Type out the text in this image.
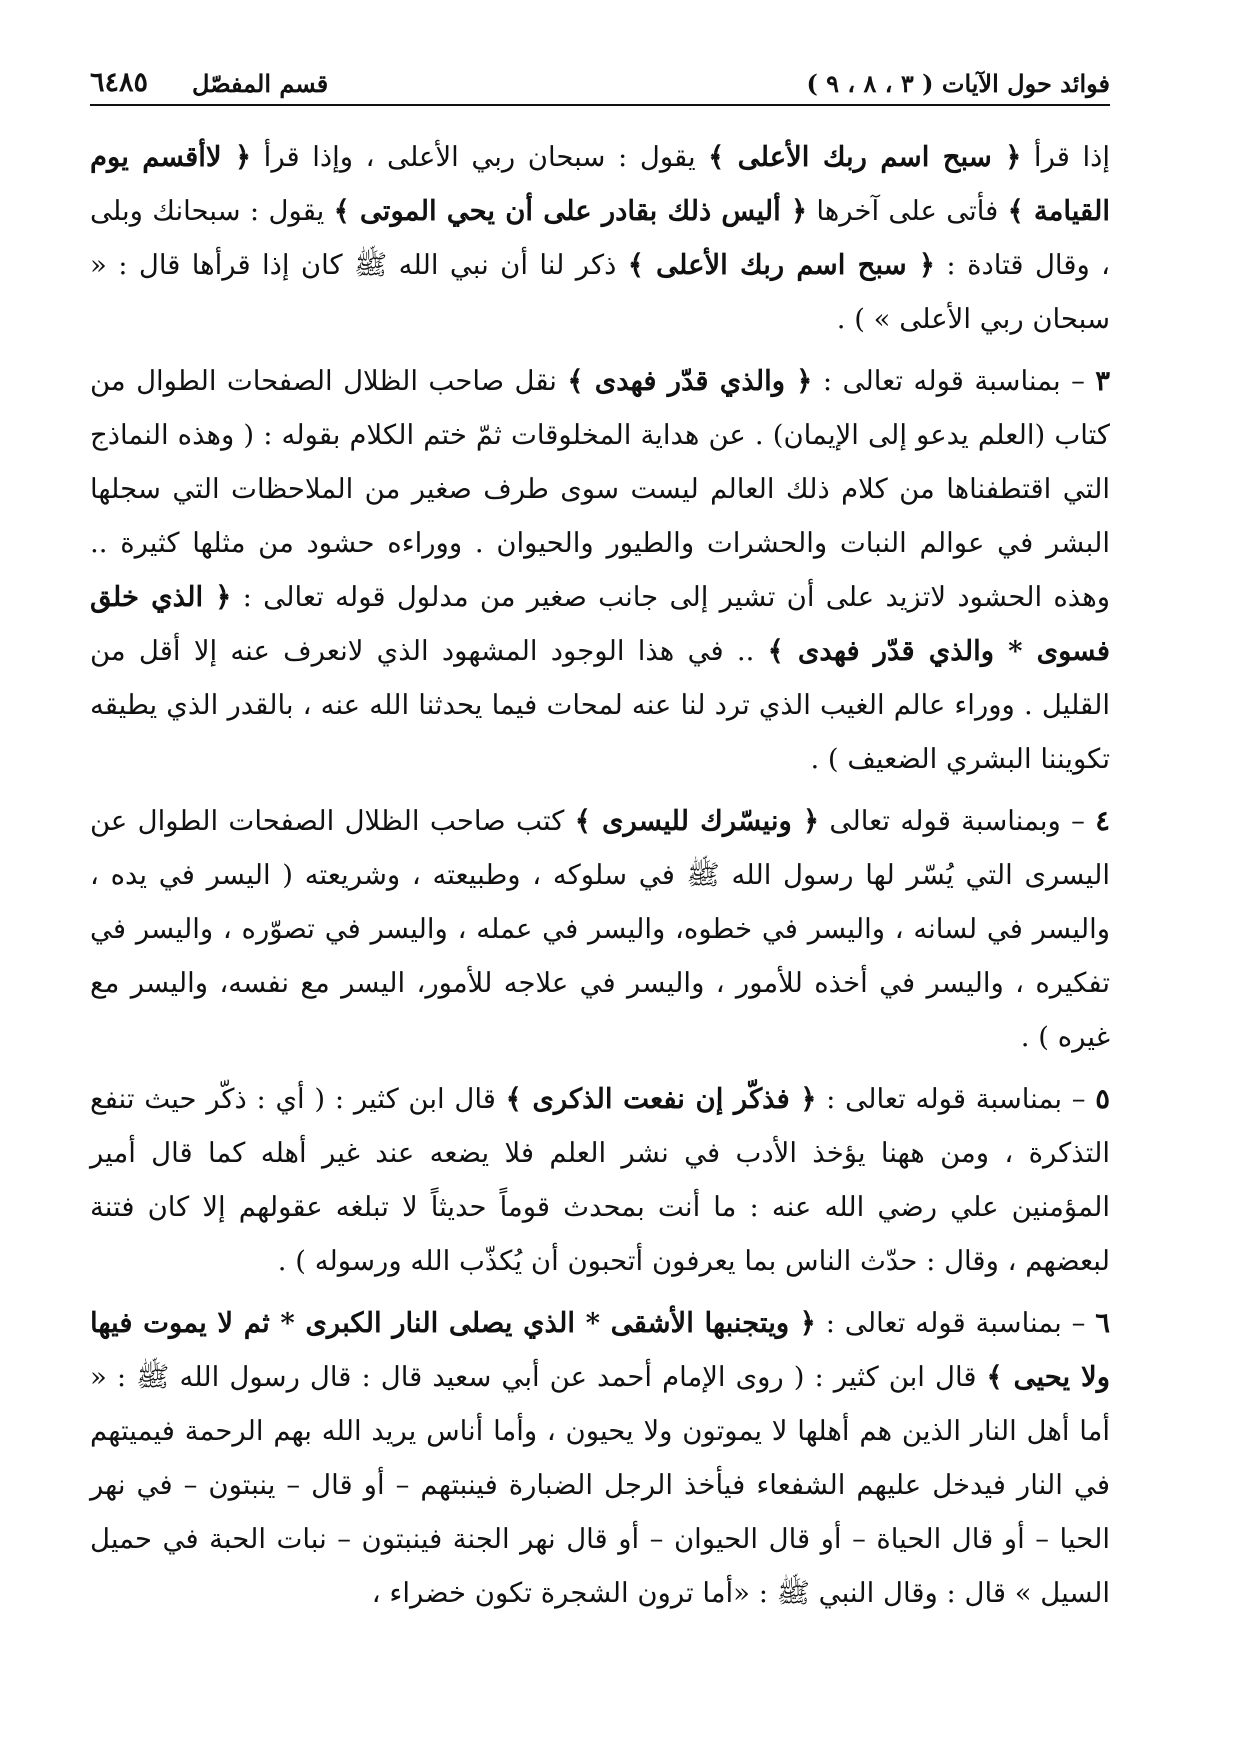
فوائد حول الآيات ( ٣ ، ٨ ، ٩ )
قسم المفصّل
٦٤٨٥

إذا قرأ ﴿ سبح اسم ربك الأعلى ﴾ يقول : سبحان ربي الأعلى ، وإذا قرأ ﴿ لاأقسم يوم القيامة ﴾ فأتى على آخرها ﴿ أليس ذلك بقادر على أن يحي الموتى ﴾ يقول : سبحانك وبلى ، وقال قتادة : ﴿ سبح اسم ربك الأعلى ﴾ ذكر لنا أن نبي الله ﷺ كان إذا قرأها قال : « سبحان ربي الأعلى » ) .

٣ – بمناسبة قوله تعالى : ﴿ والذي قدّر فهدى ﴾ نقل صاحب الظلال الصفحات الطوال من كتاب (العلم يدعو إلى الإيمان) . عن هداية المخلوقات ثمّ ختم الكلام بقوله : ( وهذه النماذج التي اقتطفناها من كلام ذلك العالم ليست سوى طرف صغير من الملاحظات التي سجلها البشر في عوالم النبات والحشرات والطيور والحيوان . ووراءه حشود من مثلها كثيرة .. وهذه الحشود لاتزيد على أن تشير إلى جانب صغير من مدلول قوله تعالى : ﴿ الذي خلق فسوى * والذي قدّر فهدى ﴾ .. في هذا الوجود المشهود الذي لانعرف عنه إلا أقل من القليل . ووراء عالم الغيب الذي ترد لنا عنه لمحات فيما يحدثنا الله عنه ، بالقدر الذي يطيقه تكويننا البشري الضعيف ) .

٤ – وبمناسبة قوله تعالى ﴿ ونيسّرك لليسرى ﴾ كتب صاحب الظلال الصفحات الطوال عن اليسرى التي يُسّر لها رسول الله ﷺ في سلوكه ، وطبيعته ، وشريعته ( اليسر في يده ، واليسر في لسانه ، واليسر في خطوه، واليسر في عمله ، واليسر في تصوّره ، واليسر في تفكيره ، واليسر في أخذه للأمور ، واليسر في علاجه للأمور، اليسر مع نفسه، واليسر مع غيره ) .

٥ – بمناسبة قوله تعالى : ﴿ فذكّر إن نفعت الذكرى ﴾ قال ابن كثير : ( أي : ذكّر حيث تنفع التذكرة ، ومن ههنا يؤخذ الأدب في نشر العلم فلا يضعه عند غير أهله كما قال أمير المؤمنين علي رضي الله عنه : ما أنت بمحدث قوماً حديثاً لا تبلغه عقولهم إلا كان فتنة لبعضهم ، وقال : حدّث الناس بما يعرفون أتحبون أن يُكذّب الله ورسوله ) .

٦ – بمناسبة قوله تعالى : ﴿ ويتجنبها الأشقى * الذي يصلى النار الكبرى * ثم لا يموت فيها ولا يحيى ﴾ قال ابن كثير : ( روى الإمام أحمد عن أبي سعيد قال : قال رسول الله ﷺ : « أما أهل النار الذين هم أهلها لا يموتون ولا يحيون ، وأما أناس يريد الله بهم الرحمة فيميتهم في النار فيدخل عليهم الشفعاء فيأخذ الرجل الضبارة فينبتهم – أو قال – ينبتون – في نهر الحيا – أو قال الحياة – أو قال الحيوان – أو قال نهر الجنة فينبتون – نبات الحبة في حميل السيل » قال : وقال النبي ﷺ : «أما ترون الشجرة تكون خضراء ،
